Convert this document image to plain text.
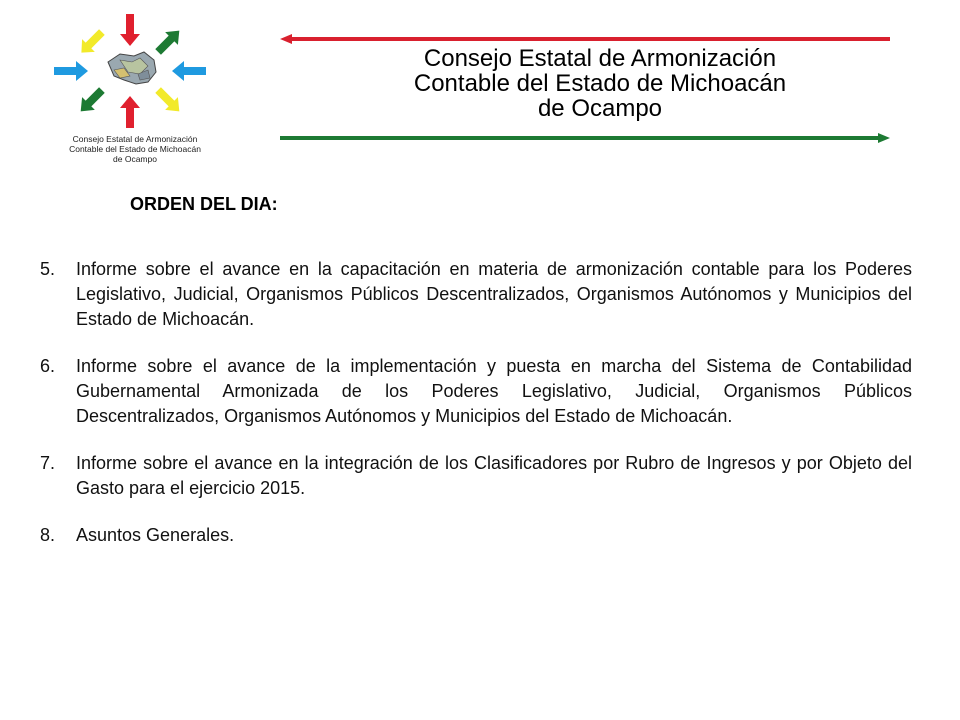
Consejo Estatal de Armonización
Contable del Estado de Michoacán
de Ocampo
Consejo Estatal de Armonización
Contable del Estado de Michoacán
de Ocampo
ORDEN DEL DIA:
5.	Informe sobre el avance en la capacitación en materia de armonización contable para los Poderes Legislativo, Judicial, Organismos Públicos Descentralizados, Organismos Autónomos y Municipios del Estado de Michoacán.
6.	Informe sobre el avance de la implementación y puesta en marcha del Sistema de Contabilidad Gubernamental Armonizada de los Poderes Legislativo, Judicial, Organismos Públicos Descentralizados, Organismos Autónomos y Municipios del Estado de Michoacán.
7.	Informe sobre el avance en la integración de los Clasificadores por Rubro de Ingresos y por Objeto del Gasto para el ejercicio 2015.
8.	Asuntos Generales.
